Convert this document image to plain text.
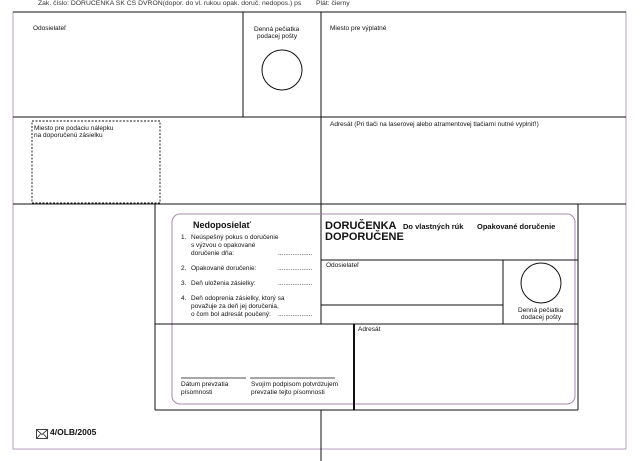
Zak. číslo: DORUČENKA SK CS DVRON(dopor. do vl. rukou opak. doruč. nedopos.) ps Plát: čierny
Odosielateľ	Denná pečiatka
podacej pošty
Miesto pre výplatné
Miesto pre podaciu nálepku
na doporučenú zásielku
Adresát (Pri tlači na laserovej alebo atramentovej tlačiarni nutné vyplniť!)
Nedoposielať
1. Neúspešný pokus o doručenie
s výzvou o opakované
doručenie dňa:	...................
2. Opakované doručenie:	...................
3. Deň uloženia zásielky:	...................
4. Deň odoprenia zásielky, ktorý sa
považuje za deň jej doručenia,
o čom bol adresát poučený: ...................
DORUČENKA
DOPORUČENE
Do vlastných rúk Opakované doručenie
Odosielateľ
Denná pečiatka
dodacej pošty
Adresát
Dátum prevzatia
písomnosti
Svojím podpisom potvrdzujem
prevzatie tejto písomnosti
4/OLB/2005
